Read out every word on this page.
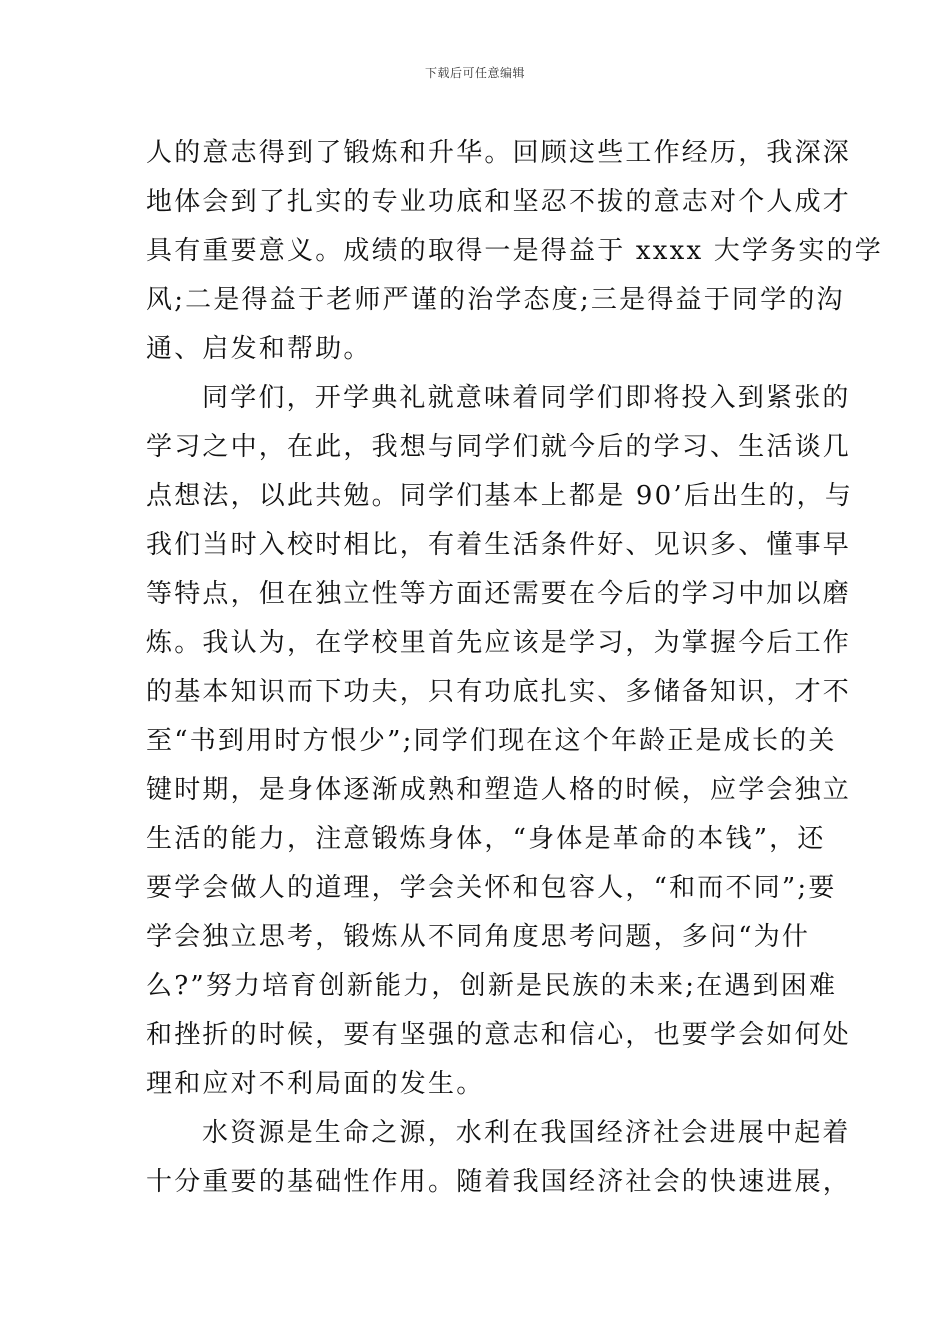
下载后可任意编辑
人的意志得到了锻炼和升华。回顾这些工作经历，我深深
地体会到了扎实的专业功底和坚忍不拔的意志对个人成才
具有重要意义。成绩的取得一是得益于 xxxx 大学务实的学
风;二是得益于老师严谨的治学态度;三是得益于同学的沟
通、启发和帮助。
同学们，开学典礼就意味着同学们即将投入到紧张的
学习之中，在此，我想与同学们就今后的学习、生活谈几
点想法，以此共勉。同学们基本上都是 90’后出生的，与
我们当时入校时相比，有着生活条件好、见识多、懂事早
等特点，但在独立性等方面还需要在今后的学习中加以磨
炼。我认为，在学校里首先应该是学习，为掌握今后工作
的基本知识而下功夫，只有功底扎实、多储备知识，才不
至“书到用时方恨少”;同学们现在这个年龄正是成长的关
键时期，是身体逐渐成熟和塑造人格的时候，应学会独立
生活的能力，注意锻炼身体，“身体是革命的本钱”，还
要学会做人的道理，学会关怀和包容人，“和而不同”;要
学会独立思考，锻炼从不同角度思考问题，多问“为什
么?”努力培育创新能力，创新是民族的未来;在遇到困难
和挫折的时候，要有坚强的意志和信心，也要学会如何处
理和应对不利局面的发生。
水资源是生命之源，水利在我国经济社会进展中起着
十分重要的基础性作用。随着我国经济社会的快速进展，
